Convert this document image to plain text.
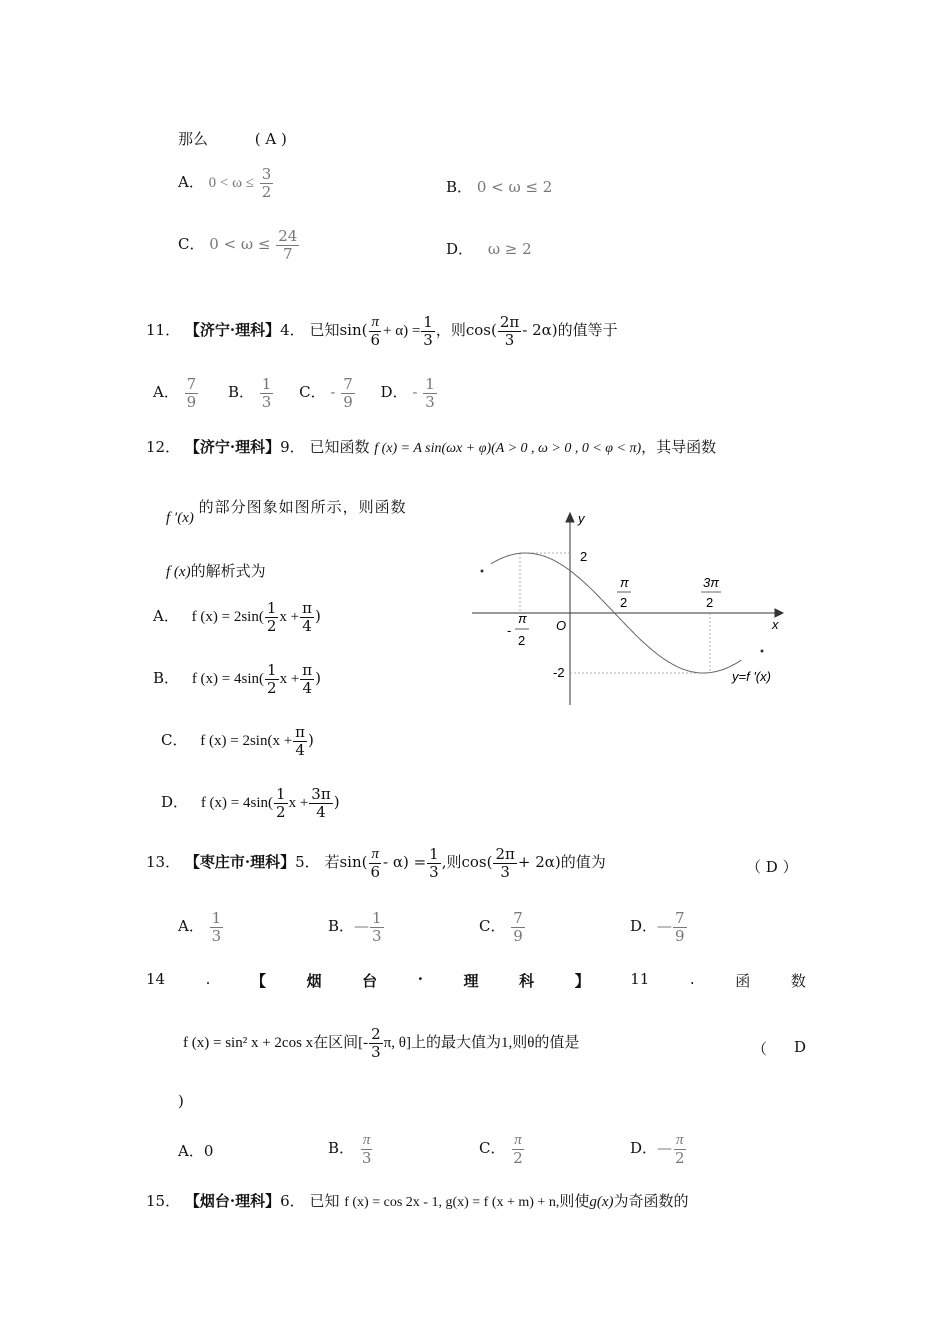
那么	( A )
A． $0 < \omega \le \frac{3}{2}$	B． 0 < ω ≤ 2
C． $0 < \omega \le \frac{24}{7}$	D． ω ≥ 2
11． 【济宁·理科】4． 已知$\sin( \frac{\pi}{6} + \alpha) = \frac{1}{3}$ ，则$\cos( \frac{2\pi}{3} - 2\alpha)$的值等于
A． $\frac{7}{9}$ B． $\frac{1}{3}$ C． - $\frac{7}{9}$ D． - $\frac{1}{3}$
12． 【济宁·理科】9． 已知函数 f (x) = A sin(ωx + φ)(A > 0 , ω > 0 , 0 < φ < π)，其导函数
f ′(x) 的部分图象如图所示，则函数
f (x)的解析式为
A． f $(x) = 2\sin( \frac{1}{2}$ $x + \frac{\pi}{4}$ )
B． f $(x) = 4\sin( \frac{1}{2}$ $x + \frac{\pi}{4}$ )
C． f $(x) = 2\sin(x + \frac{\pi}{4}$ )
D． f $(x) = 4\sin( \frac{1}{2}$ $x + \frac{3\pi}{4}$ )
y
x
O
2
-2
π
2
3π
2
π
-
2
y=f '(x)
13． 【枣庄市·理科】5． 若$\sin( \frac{\pi}{6} - \alpha) = \frac{1}{3}$ ,则$\cos( \frac{2\pi}{3} + 2\alpha)$的值为	（ D ）
A． $\frac{1}{3}$	B．— $\frac{1}{3}$	C． $\frac{7}{9}$	D．— $\frac{7}{9}$
14	.	【	烟	台	·	理	科	】	11	.	函	数
f (x) = sin² x + 2cos x在区间[- $\frac{2}{3} \pi$, θ]上的最大值为1,则θ的值是	（ D
)
A．0	B． $\frac{\pi}{3}$	C． $\frac{\pi}{2}$	D．— $\frac{\pi}{2}$
15． 【烟台·理科】6． 已知 f (x) = cos 2x - 1, g(x) = f (x + m) + n,则使g(x)为奇函数的
